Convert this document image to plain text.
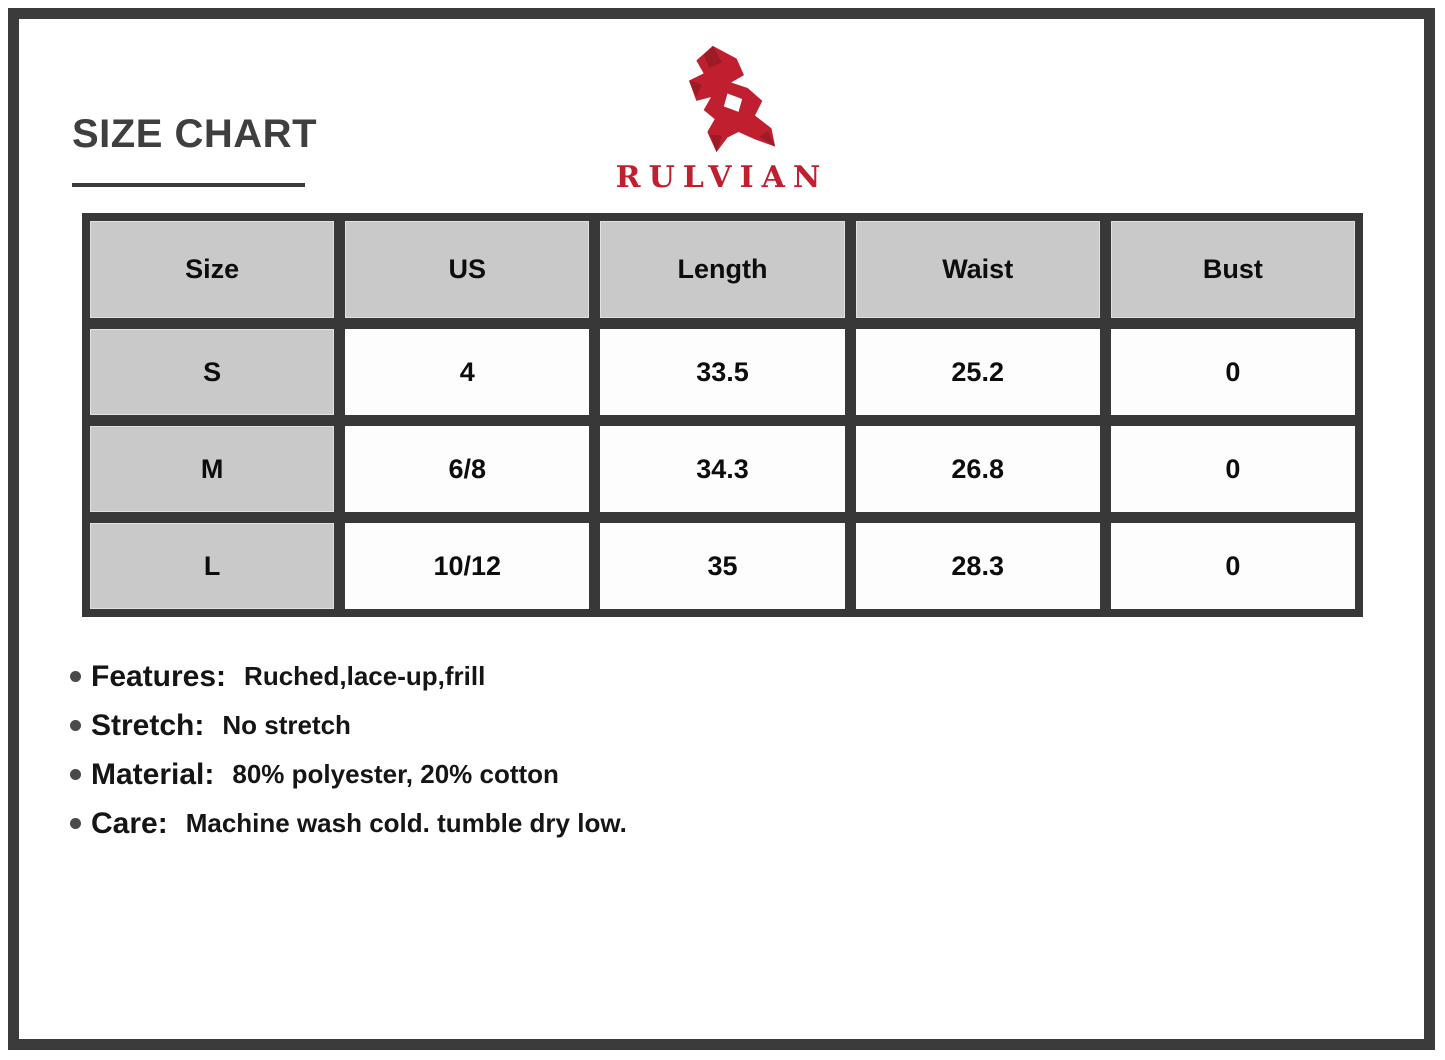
SIZE CHART
RULVIAN
Size	US	Length	Waist	Bust
S	4	33.5	25.2	0
M	6/8	34.3	26.8	0
L	10/12	35	28.3	0
Features: Ruched,lace-up,frill
Stretch: No stretch
Material: 80% polyester, 20% cotton
Care: Machine wash cold. tumble dry low.
